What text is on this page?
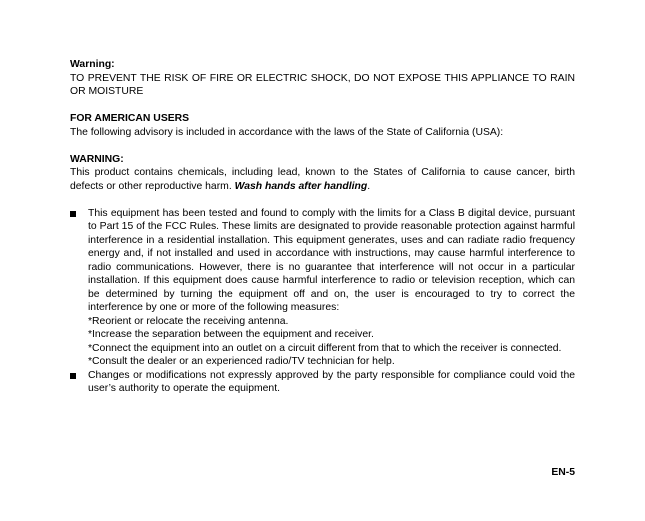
Warning:

TO PREVENT THE RISK OF FIRE OR ELECTRIC SHOCK, DO NOT EXPOSE THIS APPLIANCE TO RAIN OR MOISTURE

FOR AMERICAN USERS

The following advisory is included in accordance with the laws of the State of California (USA):

WARNING:

This product contains chemicals, including lead, known to the States of California to cause cancer, birth defects or other reproductive harm. Wash hands after handling.

This equipment has been tested and found to comply with the limits for a Class B digital device, pursuant to Part 15 of the FCC Rules. These limits are designated to provide reasonable protection against harmful interference in a residential installation. This equipment generates, uses and can radiate radio frequency energy and, if not installed and used in accordance with instructions, may cause harmful interference to radio communications. However, there is no guarantee that interference will not occur in a particular installation. If this equipment does cause harmful interference to radio or television reception, which can be determined by turning the equipment off and on, the user is encouraged to try to correct the interference by one or more of the following measures:
*Reorient or relocate the receiving antenna.
*Increase the separation between the equipment and receiver.
*Connect the equipment into an outlet on a circuit different from that to which the receiver is connected.
*Consult the dealer or an experienced radio/TV technician for help.
Changes or modifications not expressly approved by the party responsible for compliance could void the user’s authority to operate the equipment.
EN-5
